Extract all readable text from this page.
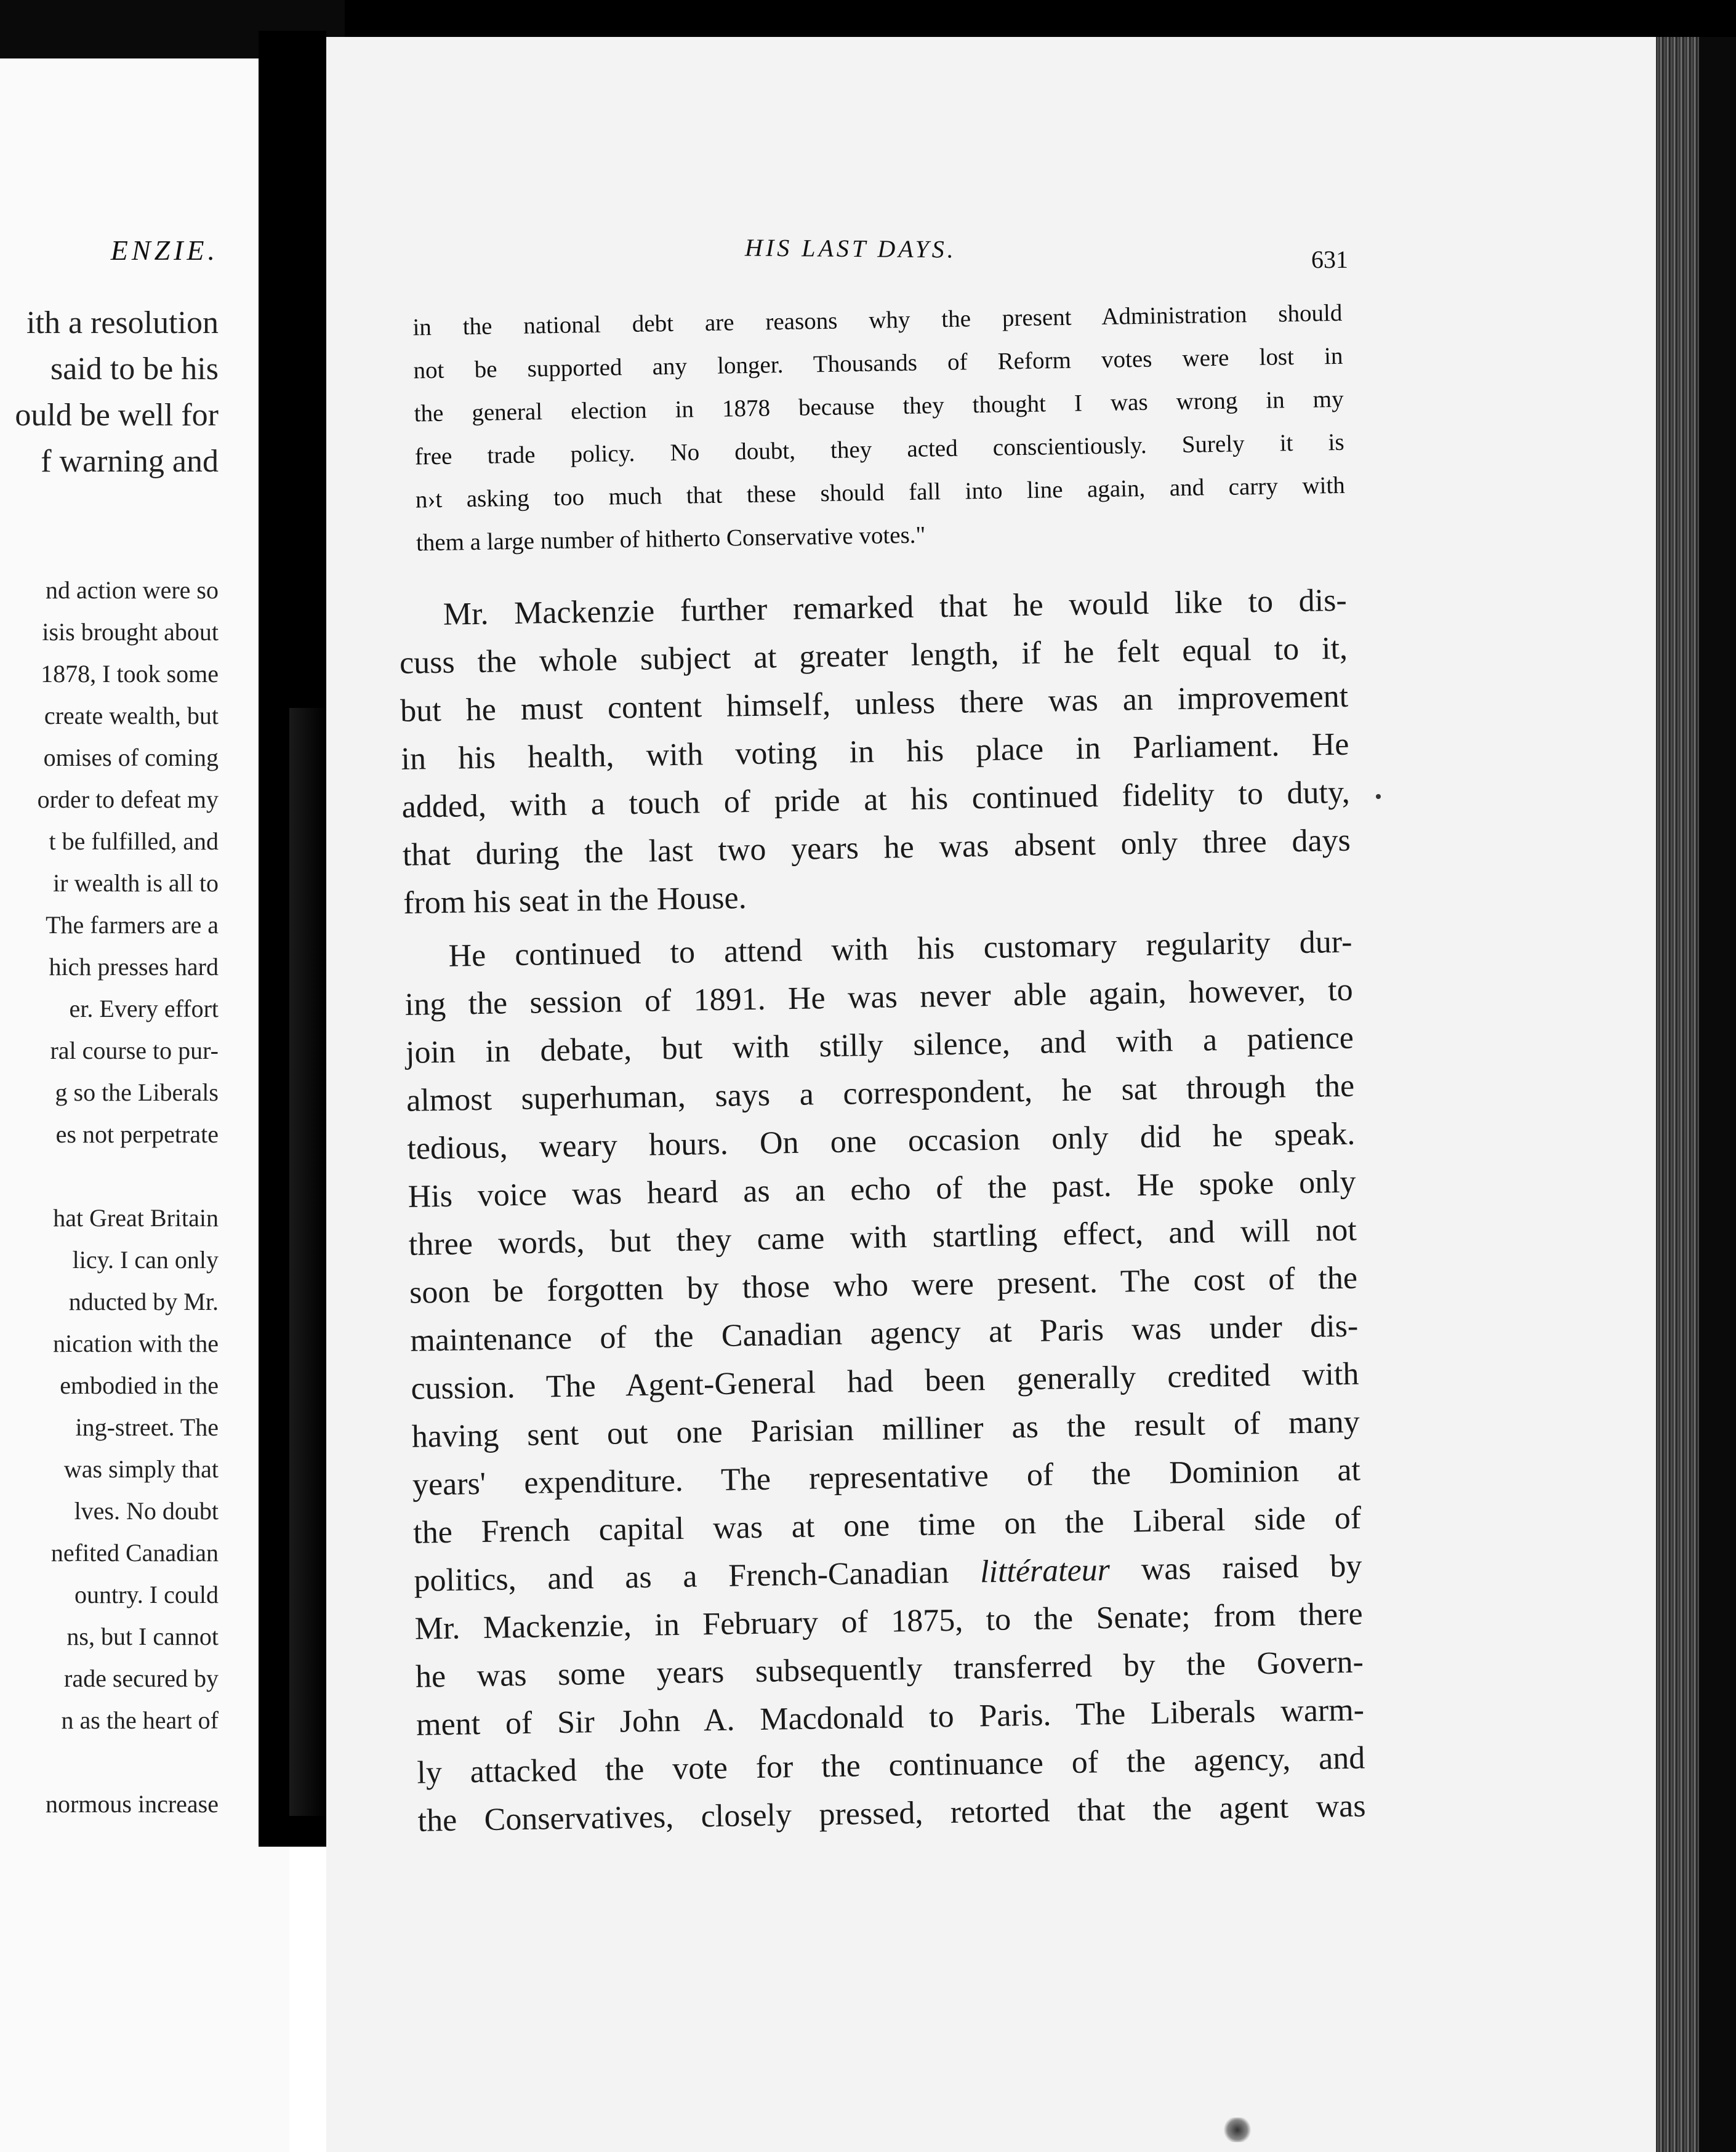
ENZIE.
ith a resolution
said to be his
ould be well for
f warning and
nd action were so
isis brought about
1878, I took some
create wealth, but
omises of coming
order to defeat my
t be fulfilled, and
ir wealth is all to
The farmers are a
hich presses hard
er. Every effort
ral course to pur-
g so the Liberals
es not perpetrate
hat Great Britain
licy. I can only
nducted by Mr.
nication with the
embodied in the
ing-street. The
was simply that
lves. No doubt
nefited Canadian
ountry. I could
ns, but I cannot
rade secured by
n as the heart of
normous increase
HIS LAST DAYS.	631
in the national debt are reasons why the present Administration should
not be supported any longer. Thousands of Reform votes were lost in
the general election in 1878 because they thought I was wrong in my
free trade policy. No doubt, they acted conscientiously. Surely it is
n›t asking too much that these should fall into line again, and carry with
them a large number of hitherto Conservative votes."
Mr. Mackenzie further remarked that he would like to dis-
cuss the whole subject at greater length, if he felt equal to it,
but he must content himself, unless there was an improvement
in his health, with voting in his place in Parliament. He
added, with a touch of pride at his continued fidelity to duty,
that during the last two years he was absent only three days
from his seat in the House.
He continued to attend with his customary regularity dur-
ing the session of 1891. He was never able again, however, to
join in debate, but with stilly silence, and with a patience
almost superhuman, says a correspondent, he sat through the
tedious, weary hours. On one occasion only did he speak.
His voice was heard as an echo of the past. He spoke only
three words, but they came with startling effect, and will not
soon be forgotten by those who were present. The cost of the
maintenance of the Canadian agency at Paris was under dis-
cussion. The Agent-General had been generally credited with
having sent out one Parisian milliner as the result of many
years' expenditure. The representative of the Dominion at
the French capital was at one time on the Liberal side of
politics, and as a French-Canadian littérateur was raised by
Mr. Mackenzie, in February of 1875, to the Senate; from there
he was some years subsequently transferred by the Govern-
ment of Sir John A. Macdonald to Paris. The Liberals warm-
ly attacked the vote for the continuance of the agency, and
the Conservatives, closely pressed, retorted that the agent was
